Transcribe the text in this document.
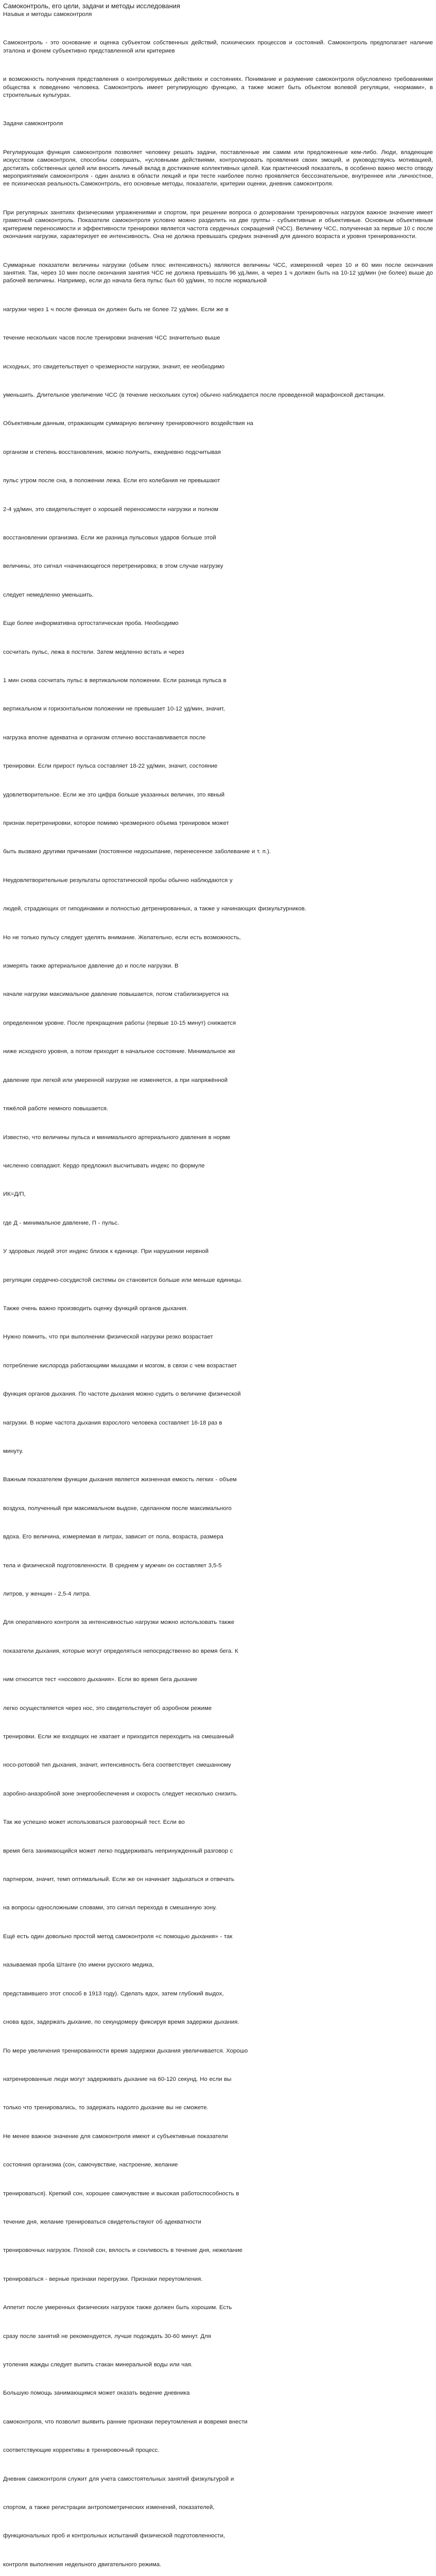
Самоконтроль, его цели, задачи и методы исследования

Наъвык и методы самоконтроля

Самоконтроль - это основание и оценка субъектом собственных действий, психических процессов и состояний. Самоконтроль предполагает наличие эталона и фонем субъективно представленной или критериев

и возможность получения представления о контролируемых действиях и состояниях. Понимание и разумение самоконтроля обусловлено требованиями общества к поведению человека. Самоконтроль имеет регулирующую функцию, а также может быть объектом волевой регуляции, «нормами», в строительных культурах.

Задачи самоконтроля

Регулирующая функция самоконтроля позволяет человеку решать задачи, поставленные им самим или предложенные кем-либо. Люди, владеющие искусством самоконтроля, способны совершать, «условными действиями, контролировать проявления своих эмоций, и руководствуясь мотивацией, достигать собственных целей или вносить личный вклад в достижение коллективных целей. Как практический показатель, в особенно важно место отводу мероприятиям/и самоконтроля - один анализ в области лекций и при тесте наиболее полно проявляется бессознательное, внутреннее или ,личностное, ее психическая реальность.Самоконтроль, его основные методы, показатели, критерии оценки, дневник самоконтроля.

При регулярных занятиях физическими упражнениями и спортом, при решении вопроса о дозировании тренировочных нагрузок важное значение имеет грамотный самоконтроль. Показатели самоконтроля условно можно разделить на две группы - субъективные и объективные. Основным объективным критерием переносимости и эффективности тренировки является частота сердечных сокращений (ЧСС). Величину ЧСС, полученная за первые 10 с после окончания нагрузки, характеризует ее интенсивность. Она не должна превышать средних значений для данного возраста и уровня тренированности.

Суммарные показатели величины нагрузки (объем плюс интенсивность) являются величины ЧСС, измеренной через 10 и 60 мин после окончания занятия. Так, через 10 мин после окончания занятия ЧСС не должна превышать 96 уд./мин, а через 1 ч должен быть на 10-12 уд/мин (не более) выше до рабочей величины. Например, если до начала бега пульс был 60 уд/мин, то после нормальной

нагрузки через 1 ч после финиша он должен быть не более 72 уд/мин. Если же в

течение нескольких часов после тренировки значения ЧСС значительно выше

исходных, это свидетельствует о чрезмерности нагрузки, значит, ее необходимо

уменьшить. Длительное увеличение ЧСС (в течение нескольких суток) обычно наблюдается после проведенной марафонской дистанции.

Объективным данным, отражающим суммарную величину тренировочного воздействия на

организм и степень восстановления, можно получить, ежедневно подсчитывая

пульс утром после сна, в положении лежа. Если его колебания не превышают

2-4 уд/мин, это свидетельствует о хорошей переносимости нагрузки и полном

восстановлении организма. Если же разница пульсовых ударов больше этой

величины, это сигнал «начинающегося перетренировка; в этом случае нагрузку

следует немедленно уменьшить.

Еще более информативна ортостатическая проба. Необходимо

сосчитать пульс, лежа в постели. Затем медленно встать и через

1 мин снова сосчитать пульс в вертикальном положении. Если разница пульса в

вертикальном и горизонтальном положении не превышает 10-12 уд/мин, значит,

нагрузка вполне адекватна и организм отлично восстанавливается после

тренировки. Если прирост пульса составляет 18-22 уд/мин, значит, состояние

удовлетворительное. Если же это цифра больше указанных величин, это явный

признак перетренировки, которое помимо чрезмерного объема тренировок может

быть вызвано другими причинами (постоянное недосыпание, перенесенное заболевание и т. п.).

Неудовлетворительные результаты ортостатической пробы обычно наблюдаются у

людей, страдающих от гиподинамии и полностью детренированных, а также у начинающих физкультурников.

Но не только пульсу следует уделять внимание. Желательно, если есть возможность,

измерять также артериальное давление до и после нагрузки. В

начале нагрузки максимальное давление повышается, потом стабилизируется на

определенном уровне. После прекращения работы (первые 10-15 минут) снижается

ниже исходного уровня, а потом приходит в начальное состояние. Минимальное же

давление при легкой или умеренной нагрузке не изменяется, а при напряжённой

тяжёлой работе немного повышается.

Известно, что величины пульса и минимального артериального давления в норме

численно совпадают. Кердо предложил высчитывать индекс по формуле

ИК=Д/П,

где Д - минимальное давление, П - пульс.

У здоровых людей этот индекс близок к единице. При нарушении нервной

регуляции сердечно-сосудистой системы он становится больше или меньше единицы.

Также очень важно производить оценку функций органов дыхания.

Нужно помнить, что при выполнении физической нагрузки резко возрастает

потребление кислорода работающими мышцами и мозгом, в связи с чем возрастает

функция органов дыхания. По частоте дыхания можно судить о величине физической

нагрузки. В норме частота дыхания взрослого человека составляет 16-18 раз в

минуту.

Важным показателем функции дыхания является жизненная емкость легких - объем

воздуха, полученный при максимальном выдохе, сделанном после максимального

вдоха. Его величина, измеряемая в литрах, зависит от пола, возраста, размера

тела и физической подготовленности. В среднем у мужчин он составляет 3,5-5

литров, у женщин - 2,5-4 литра.

Для оперативного контроля за интенсивностью нагрузки можно использовать также

показатели дыхания, которые могут определяться непосредственно во время бега. К

ним относится тест «носового дыхания». Если во время бега дыхание

легко осуществляется через нос, это свидетельствует об аэробном режиме

тренировки. Если же входящих не хватает и приходится переходить на смешанный

носо-ротовой тип дыхания, значит, интенсивность бега соответствует смешанному

аэробно-анаэробной зоне энергообеспечения и скорость следует несколько снизить.

Так же успешно может использоваться разговорный тест. Если во

время бега занимающийся может легко поддерживать непринужденный разговор с

партнером, значит, темп оптимальный. Если же он начинает задыхаться и отвечать

на вопросы односложными словами, это сигнал перехода в смешанную зону.

Ещё есть один довольно простой метод самоконтроля «с помощью дыхания» - так

называемая проба Штанге (по имени русского медика,

представившего этот способ в 1913 году). Сделать вдох, затем глубокий выдох,

снова вдох, задержать дыхание, по секундомеру фиксируя время задержки дыхания.

По мере увеличения тренированности время задержки дыхания увеличивается. Хорошо

натренированные люди могут задерживать дыхание на 60-120 секунд. Но если вы

только что тренировались, то задержать надолго дыхание вы не сможете.

Не менее важное значение для самоконтроля имеют и субъективные показатели

состояния организма (сон, самочувствие, настроение, желание

тренироваться). Крепкий сон, хорошее самочувствие и высокая работоспособность в

течение дня, желание тренироваться свидетельствуют об адекватности

тренировочных нагрузок. Плохой сон, вялость и сонливость в течение дня, нежелание

тренироваться - верные признаки перегрузки. Признаки переутомления.

Аппетит после умеренных физических нагрузок также должен быть хорошим. Есть

сразу после занятий не рекомендуется, лучше подождать 30-60 минут. Для

утоления жажды следует выпить стакан минеральной воды или чая.

Большую помощь занимающимся может оказать ведение дневника

самоконтроля, что позволит выявить ранние признаки переутомления и вовремя внести

соответствующие коррективы в тренировочный процесс.

Дневник самоконтроля служит для учета самостоятельных занятий физкультурой и

спортом, а также регистрации антропометрических изменений, показателей,

функциональных проб и контрольных испытаний физической подготовленности,

контроля выполнения недельного двигательного режима.
